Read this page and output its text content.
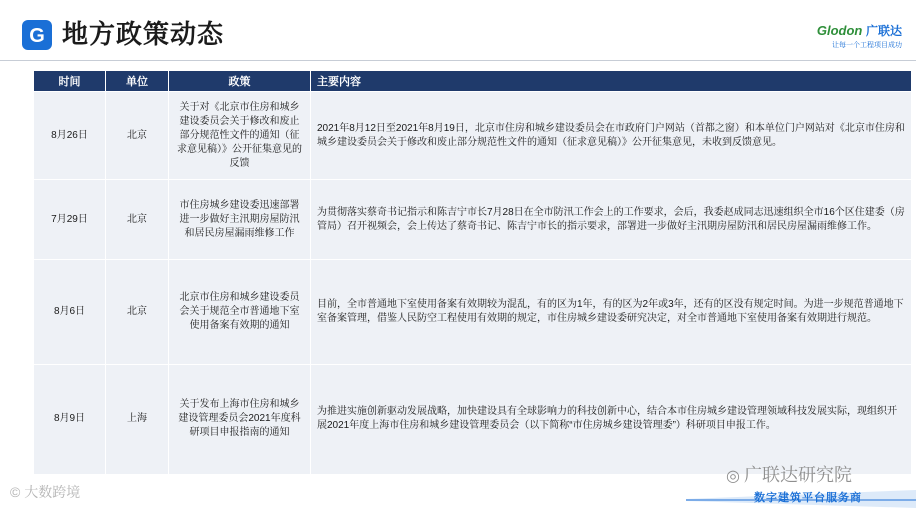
G 地方政策动态	Glodon 广联达
让每一个工程项目成功
时间	单位	政策	主要内容
8月26日	北京	关于对《北京市住房和城乡建设委员会关于修改和废止部分规范性文件的通知（征求意见稿）》公开征集意见的反馈	2021年8月12日至2021年8月19日，北京市住房和城乡建设委员会在市政府门户网站（首都之窗）和本单位门户网站对《北京市住房和城乡建设委员会关于修改和废止部分规范性文件的通知（征求意见稿）》公开征集意见，未收到反馈意见。
7月29日	北京	市住房城乡建设委迅速部署进一步做好主汛期房屋防汛和居民房屋漏雨维修工作	为贯彻落实蔡奇书记指示和陈吉宁市长7月28日在全市防汛工作会上的工作要求，会后，我委赵成同志迅速组织全市16个区住建委（房管局）召开视频会，会上传达了蔡奇书记、陈吉宁市长的指示要求，部署进一步做好主汛期房屋防汛和居民房屋漏雨维修工作。
8月6日	北京	北京市住房和城乡建设委员会关于规范全市普通地下室使用备案有效期的通知	目前，全市普通地下室使用备案有效期较为混乱，有的区为1年，有的区为2年或3年，还有的区没有规定时间。为进一步规范普通地下室备案管理，借鉴人民防空工程使用有效期的规定，市住房城乡建设委研究决定，对全市普通地下室使用备案有效期进行规范。
8月9日	上海	关于发布上海市住房和城乡建设管理委员会2021年度科研项目申报指南的通知	为推进实施创新驱动发展战略，加快建设具有全球影响力的科技创新中心，结合本市住房城乡建设管理领域科技发展实际，现组织开展2021年度上海市住房和城乡建设管理委员会（以下简称“市住房城乡建设管理委”）科研项目申报工作。
© 大数跨境
◎ 广联达研究院
数字建筑平台服务商
